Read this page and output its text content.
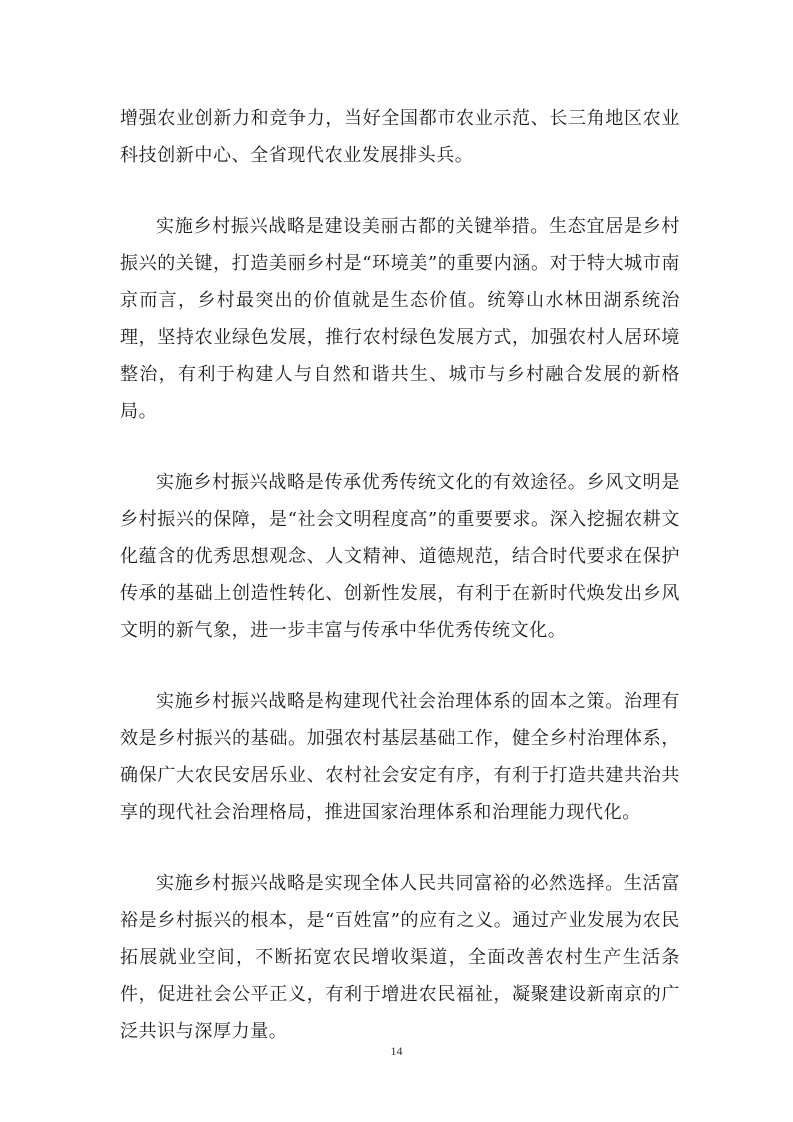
增强农业创新力和竞争力，当好全国都市农业示范、长三角地区农业科技创新中心、全省现代农业发展排头兵。

实施乡村振兴战略是建设美丽古都的关键举措。生态宜居是乡村振兴的关键，打造美丽乡村是“环境美”的重要内涵。对于特大城市南京而言，乡村最突出的价值就是生态价值。统筹山水林田湖系统治理，坚持农业绿色发展，推行农村绿色发展方式，加强农村人居环境整治，有利于构建人与自然和谐共生、城市与乡村融合发展的新格局。

实施乡村振兴战略是传承优秀传统文化的有效途径。乡风文明是乡村振兴的保障，是“社会文明程度高”的重要要求。深入挖掘农耕文化蕴含的优秀思想观念、人文精神、道德规范，结合时代要求在保护传承的基础上创造性转化、创新性发展，有利于在新时代焕发出乡风文明的新气象，进一步丰富与传承中华优秀传统文化。

实施乡村振兴战略是构建现代社会治理体系的固本之策。治理有效是乡村振兴的基础。加强农村基层基础工作，健全乡村治理体系，确保广大农民安居乐业、农村社会安定有序，有利于打造共建共治共享的现代社会治理格局，推进国家治理体系和治理能力现代化。

实施乡村振兴战略是实现全体人民共同富裕的必然选择。生活富裕是乡村振兴的根本，是“百姓富”的应有之义。通过产业发展为农民拓展就业空间，不断拓宽农民增收渠道，全面改善农村生产生活条件，促进社会公平正义，有利于增进农民福祉，凝聚建设新南京的广泛共识与深厚力量。

14
